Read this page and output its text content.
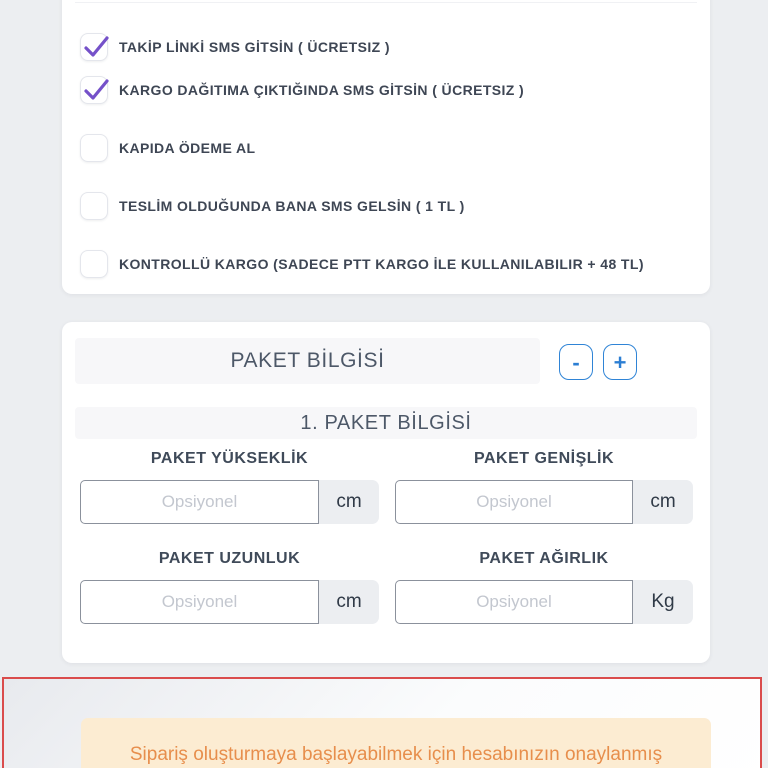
TAKİP LİNKİ SMS GİTSİN ( ÜCRETSIZ )
KARGO DAĞITIMA ÇIKTIĞINDA SMS GİTSİN ( ÜCRETSIZ )
KAPIDA ÖDEME AL
TESLİM OLDUĞUNDA BANA SMS GELSİN ( 1 TL )
KONTROLLÜ KARGO (SADECE PTT KARGO İLE KULLANILABILIR + 48 TL)
PAKET BİLGİSİ	-	+
1. PAKET BİLGİSİ
PAKET YÜKSEKLİK
Opsiyonel
cm
PAKET GENİŞLİK
Opsiyonel
cm
PAKET UZUNLUK
Opsiyonel
cm
PAKET AĞIRLIK
Opsiyonel
Kg
Sipariş oluşturmaya başlayabilmek için hesabınızın onaylanmış
